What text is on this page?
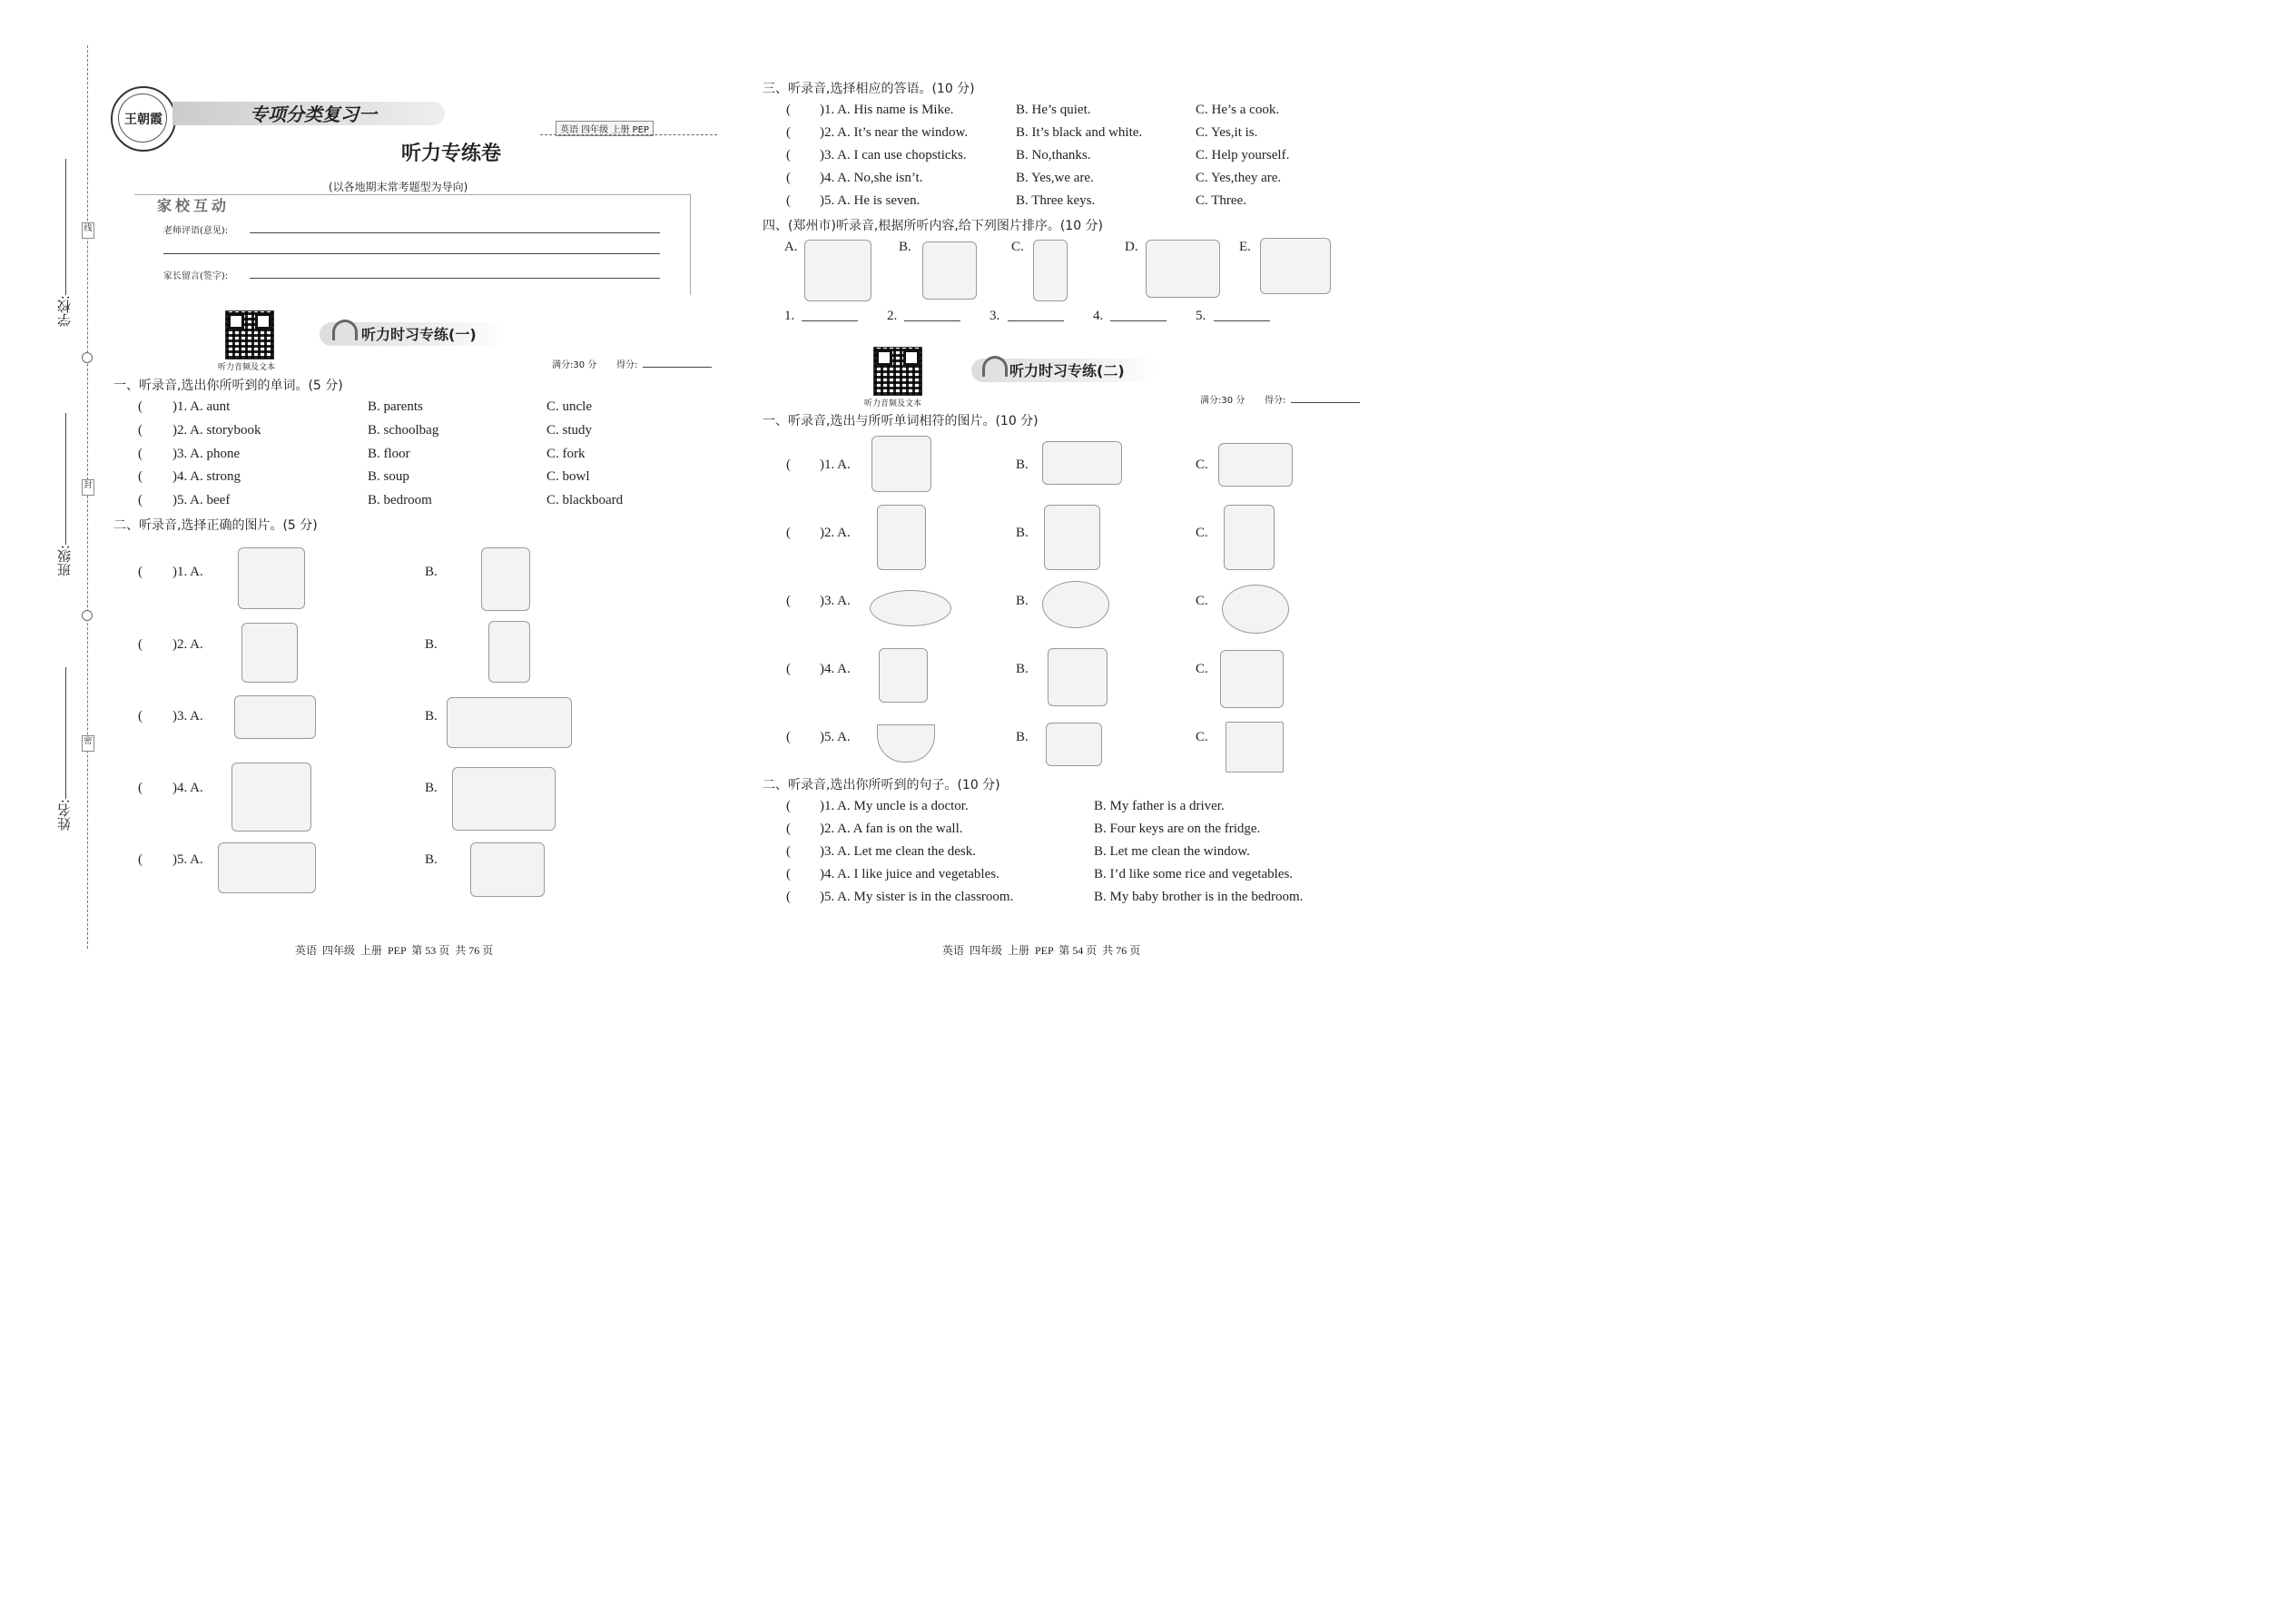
学校:
班级:
姓名:
线
封
密
王朝霞	专项分类复习一
英语 四年级 上册 PEP
听力专练卷
(以各地期末常考题型为导向)
家校互动
老师评语(意见):
家长留言(签字):
听力音频及文本
听力时习专练(一)
满分:30 分 得分:
一、听录音,选出你所听到的单词。(5 分)
( )1. A. aunt	B. parents	C. uncle
( )2. A. storybook	B. schoolbag	C. study
( )3. A. phone	B. floor	C. fork
( )4. A. strong	B. soup	C. bowl
( )5. A. beef	B. bedroom	C. blackboard
二、听录音,选择正确的图片。(5 分)
( )1. A.	B.
( )2. A.	B.
( )3. A.	B.
( )4. A.	B.
( )5. A.	B.
英语  四年级  上册  PEP  第 53 页  共 76 页
三、听录音,选择相应的答语。(10 分)
( )1. A. His name is Mike.	B. He’s quiet.	C. He’s a cook.
( )2. A. It’s near the window.	B. It’s black and white.	C. Yes,it is.
( )3. A. I can use chopsticks.	B. No,thanks.	C. Help yourself.
( )4. A. No,she isn’t.	B. Yes,we are.	C. Yes,they are.
( )5. A. He is seven.	B. Three keys.	C. Three.
四、(郑州市)听录音,根据所听内容,给下列图片排序。(10 分)
A.	B.	C.	D.	E.
1.	2.	3.	4.	5.
听力音频及文本
听力时习专练(二)
满分:30 分 得分:
一、听录音,选出与所听单词相符的图片。(10 分)
( )1. A.	B.	C.
( )2. A.	B.	C.
( )3. A.	B.	C.
( )4. A.	B.	C.
( )5. A.	B.	C.
二、听录音,选出你所听到的句子。(10 分)
( )1. A. My uncle is a doctor.	B. My father is a driver.
( )2. A. A fan is on the wall.	B. Four keys are on the fridge.
( )3. A. Let me clean the desk.	B. Let me clean the window.
( )4. A. I like juice and vegetables.	B. I’d like some rice and vegetables.
( )5. A. My sister is in the classroom.	B. My baby brother is in the bedroom.
英语  四年级  上册  PEP  第 54 页  共 76 页
